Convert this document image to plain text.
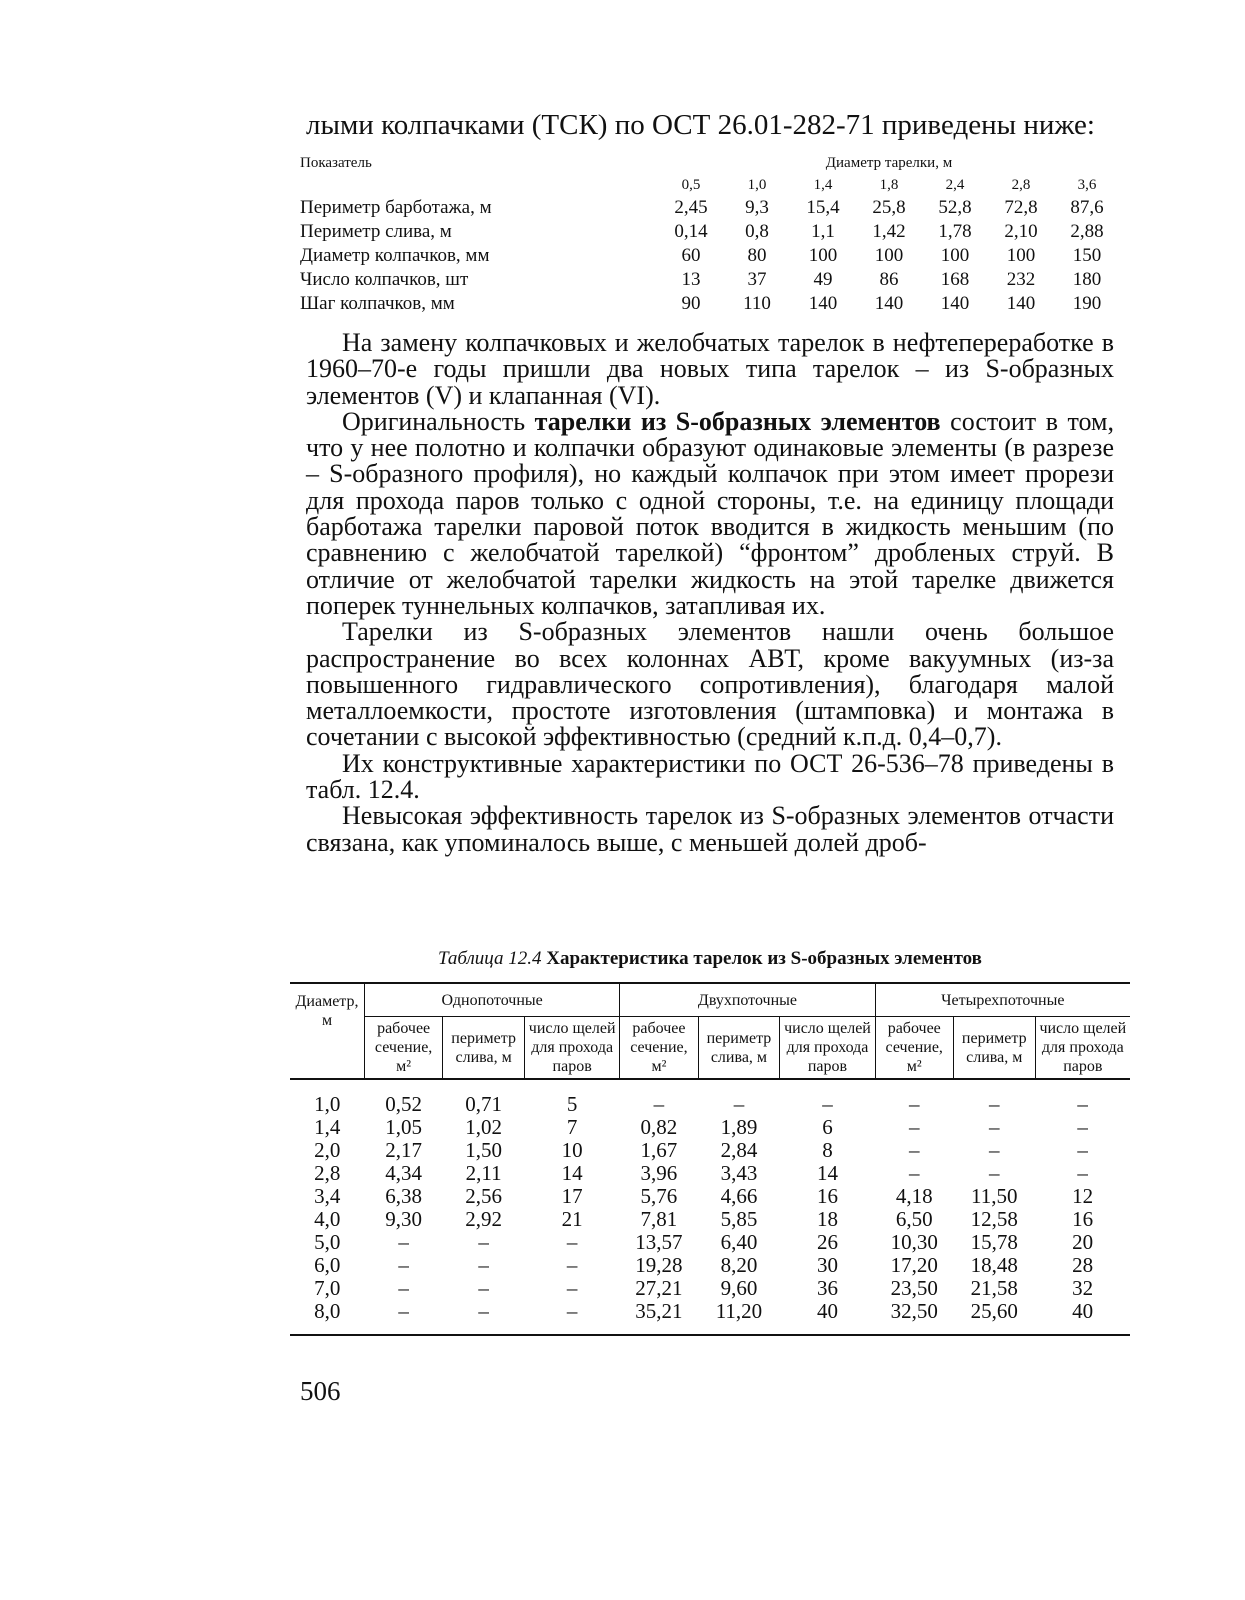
лыми колпачками (ТСК) по ОСТ 26.01-282-71 приведены ниже:
Показатель	Диаметр тарелки, м						
	0,5	1,0	1,4	1,8	2,4	2,8	3,6
Периметр барботажа, м	2,45	9,3	15,4	25,8	52,8	72,8	87,6
Периметр слива, м	0,14	0,8	1,1	1,42	1,78	2,10	2,88
Диаметр колпачков, мм	60	80	100	100	100	100	150
Число колпачков, шт	13	37	49	86	168	232	180
Шаг колпачков, мм	90	110	140	140	140	140	190

На замену колпачковых и желобчатых тарелок в нефтепереработке в 1960–70-е годы пришли два новых типа тарелок – из S-образных элементов (V) и клапанная (VI).

Оригинальность тарелки из S-образных элементов состоит в том, что у нее полотно и колпачки образуют одинаковые элементы (в разрезе – S-образного профиля), но каждый колпачок при этом имеет прорези для прохода паров только с одной стороны, т.е. на единицу площади барботажа тарелки паровой поток вводится в жидкость меньшим (по сравнению с желобчатой тарелкой) “фронтом” дробленых струй. В отличие от желобчатой тарелки жидкость на этой тарелке движется поперек туннельных колпачков, затапливая их.

Тарелки из S-образных элементов нашли очень большое распространение во всех колоннах АВТ, кроме вакуумных (из-за повышенного гидравлического сопротивления), благодаря малой металлоемкости, простоте изготовления (штамповка) и монтажа в сочетании с высокой эффективностью (средний к.п.д. 0,4–0,7).

Их конструктивные характеристики по ОСТ 26-536–78 приведены в табл. 12.4.

Невысокая эффективность тарелок из S-образных элементов отчасти связана, как упоминалось выше, с меньшей долей дроб-

Таблица 12.4 Характеристика тарелок из S-образных элементов
Диаметр, м	Однопоточные			Двухпоточные			Четырехпоточные		
	рабочее сечение, м²	периметр слива, м	число щелей для прохода паров	рабочее сечение, м²	периметр слива, м	число щелей для прохода паров	рабочее сечение, м²	периметр слива, м	число щелей для прохода паров
1,0	0,52	0,71	5	–	–	–	–	–	–
1,4	1,05	1,02	7	0,82	1,89	6	–	–	–
2,0	2,17	1,50	10	1,67	2,84	8	–	–	–
2,8	4,34	2,11	14	3,96	3,43	14	–	–	–
3,4	6,38	2,56	17	5,76	4,66	16	4,18	11,50	12
4,0	9,30	2,92	21	7,81	5,85	18	6,50	12,58	16
5,0	–	–	–	13,57	6,40	26	10,30	15,78	20
6,0	–	–	–	19,28	8,20	30	17,20	18,48	28
7,0	–	–	–	27,21	9,60	36	23,50	21,58	32
8,0	–	–	–	35,21	11,20	40	32,50	25,60	40
506
